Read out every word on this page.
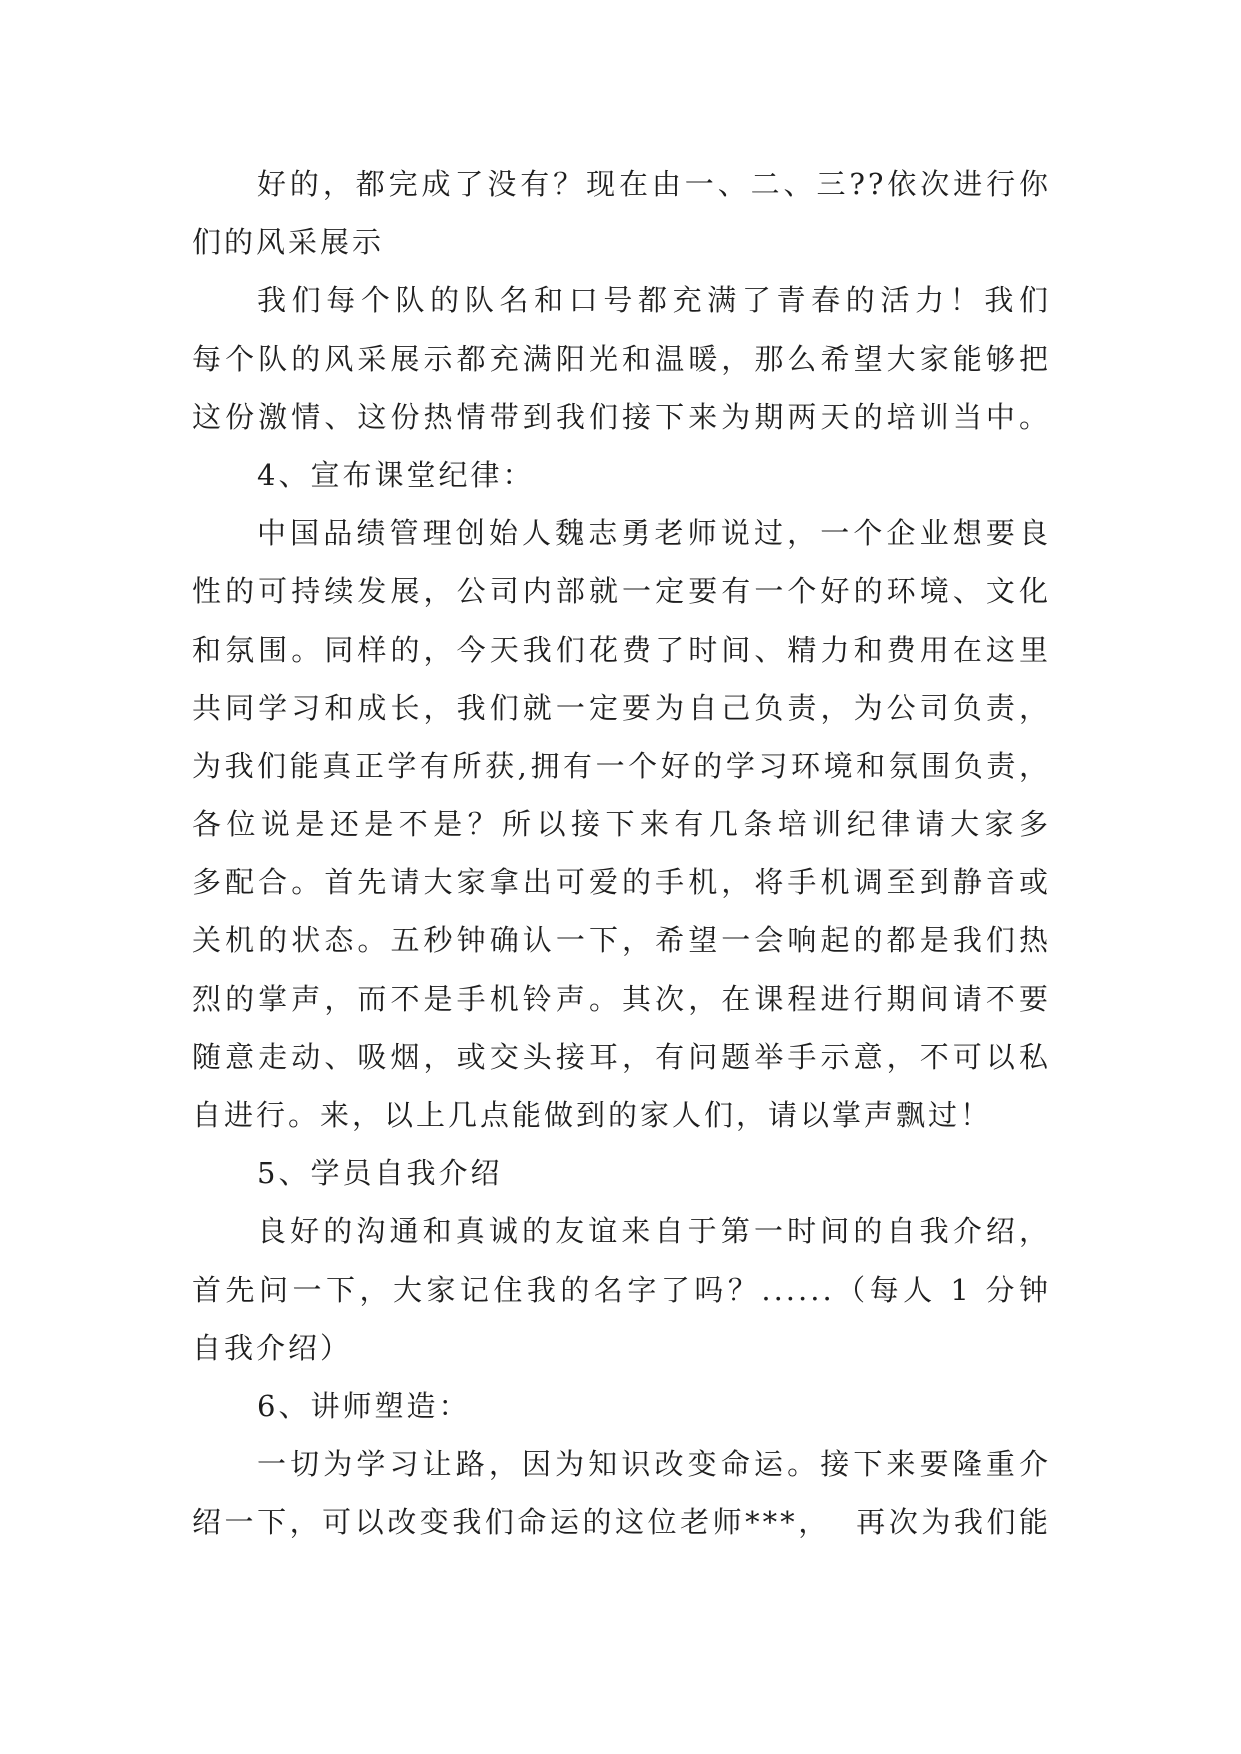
好的，都完成了没有？现在由一、二、三??依次进行你
们的风采展示
我们每个队的队名和口号都充满了青春的活力！我们
每个队的风采展示都充满阳光和温暖，那么希望大家能够把
这份激情、这份热情带到我们接下来为期两天的培训当中。
4、宣布课堂纪律：
中国品绩管理创始人魏志勇老师说过，一个企业想要良
性的可持续发展，公司内部就一定要有一个好的环境、文化
和氛围。同样的，今天我们花费了时间、精力和费用在这里
共同学习和成长，我们就一定要为自己负责，为公司负责，
为我们能真正学有所获,拥有一个好的学习环境和氛围负责，
各位说是还是不是？所以接下来有几条培训纪律请大家多
多配合。首先请大家拿出可爱的手机，将手机调至到静音或
关机的状态。五秒钟确认一下，希望一会响起的都是我们热
烈的掌声，而不是手机铃声。其次，在课程进行期间请不要
随意走动、吸烟，或交头接耳，有问题举手示意，不可以私
自进行。来，以上几点能做到的家人们，请以掌声飘过！
5、学员自我介绍
良好的沟通和真诚的友谊来自于第一时间的自我介绍，
首先问一下，大家记住我的名字了吗？......（每人 1 分钟
自我介绍）
6、讲师塑造：
一切为学习让路，因为知识改变命运。接下来要隆重介
绍一下，可以改变我们命运的这位老师***，  再次为我们能
